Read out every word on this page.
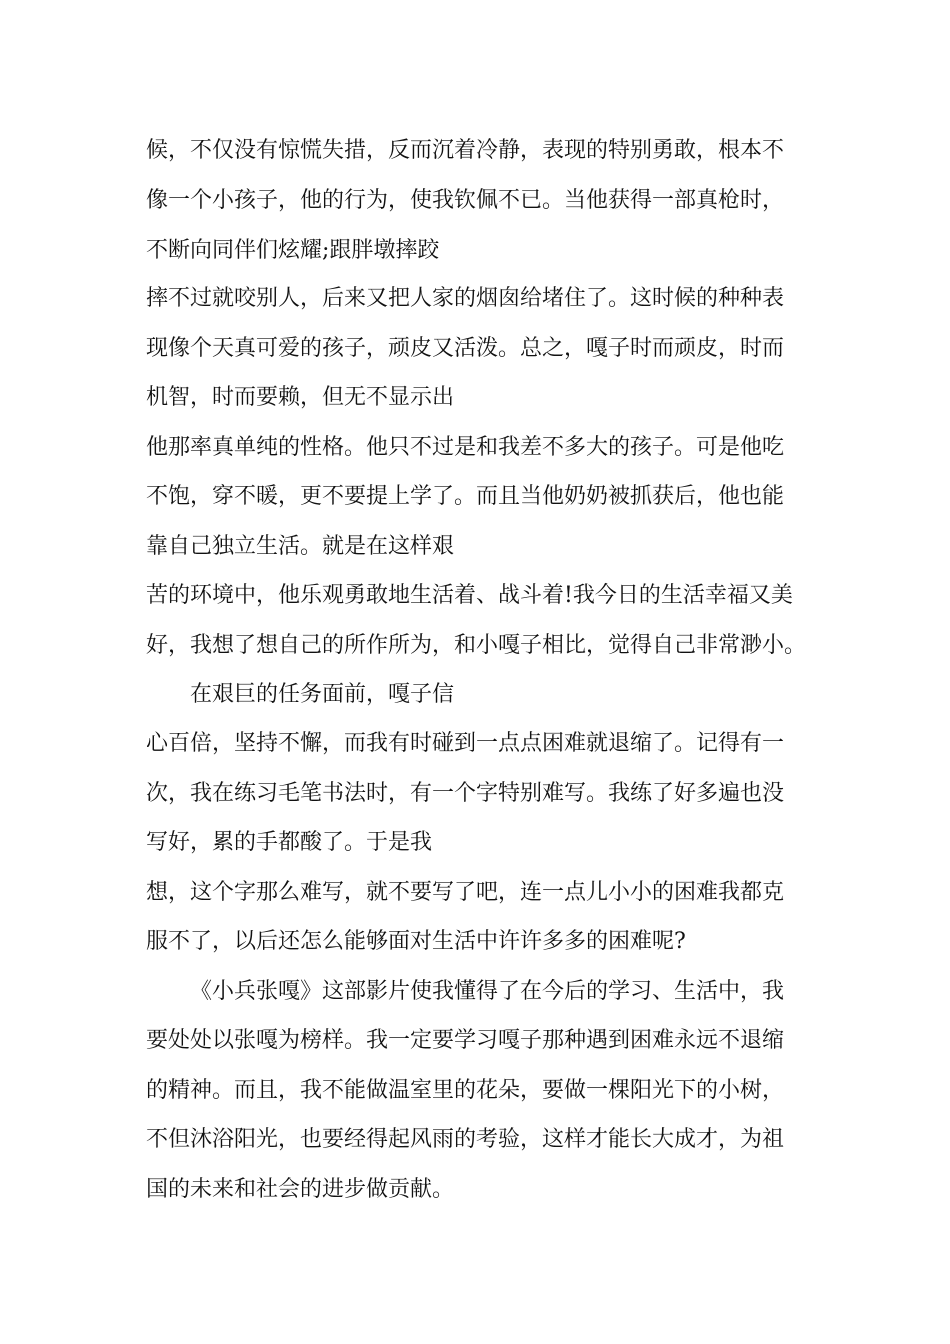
候，不仅没有惊慌失措，反而沉着冷静，表现的特别勇敢，根本不
像一个小孩子，他的行为，使我钦佩不已。当他获得一部真枪时，
不断向同伴们炫耀;跟胖墩摔跤
摔不过就咬别人，后来又把人家的烟囱给堵住了。这时候的种种表
现像个天真可爱的孩子，顽皮又活泼。总之，嘎子时而顽皮，时而
机智，时而要赖，但无不显示出
他那率真单纯的性格。他只不过是和我差不多大的孩子。可是他吃
不饱，穿不暖，更不要提上学了。而且当他奶奶被抓获后，他也能
靠自己独立生活。就是在这样艰
苦的环境中，他乐观勇敢地生活着、战斗着!我今日的生活幸福又美
好，我想了想自己的所作所为，和小嘎子相比，觉得自己非常渺小。
在艰巨的任务面前，嘎子信
心百倍，坚持不懈，而我有时碰到一点点困难就退缩了。记得有一
次，我在练习毛笔书法时，有一个字特别难写。我练了好多遍也没
写好，累的手都酸了。于是我
想，这个字那么难写，就不要写了吧，连一点儿小小的困难我都克
服不了，以后还怎么能够面对生活中许许多多的困难呢?
《小兵张嘎》这部影片使我懂得了在今后的学习、生活中，我
要处处以张嘎为榜样。我一定要学习嘎子那种遇到困难永远不退缩
的精神。而且，我不能做温室里的花朵，要做一棵阳光下的小树，
不但沐浴阳光，也要经得起风雨的考验，这样才能长大成才，为祖
国的未来和社会的进步做贡献。
